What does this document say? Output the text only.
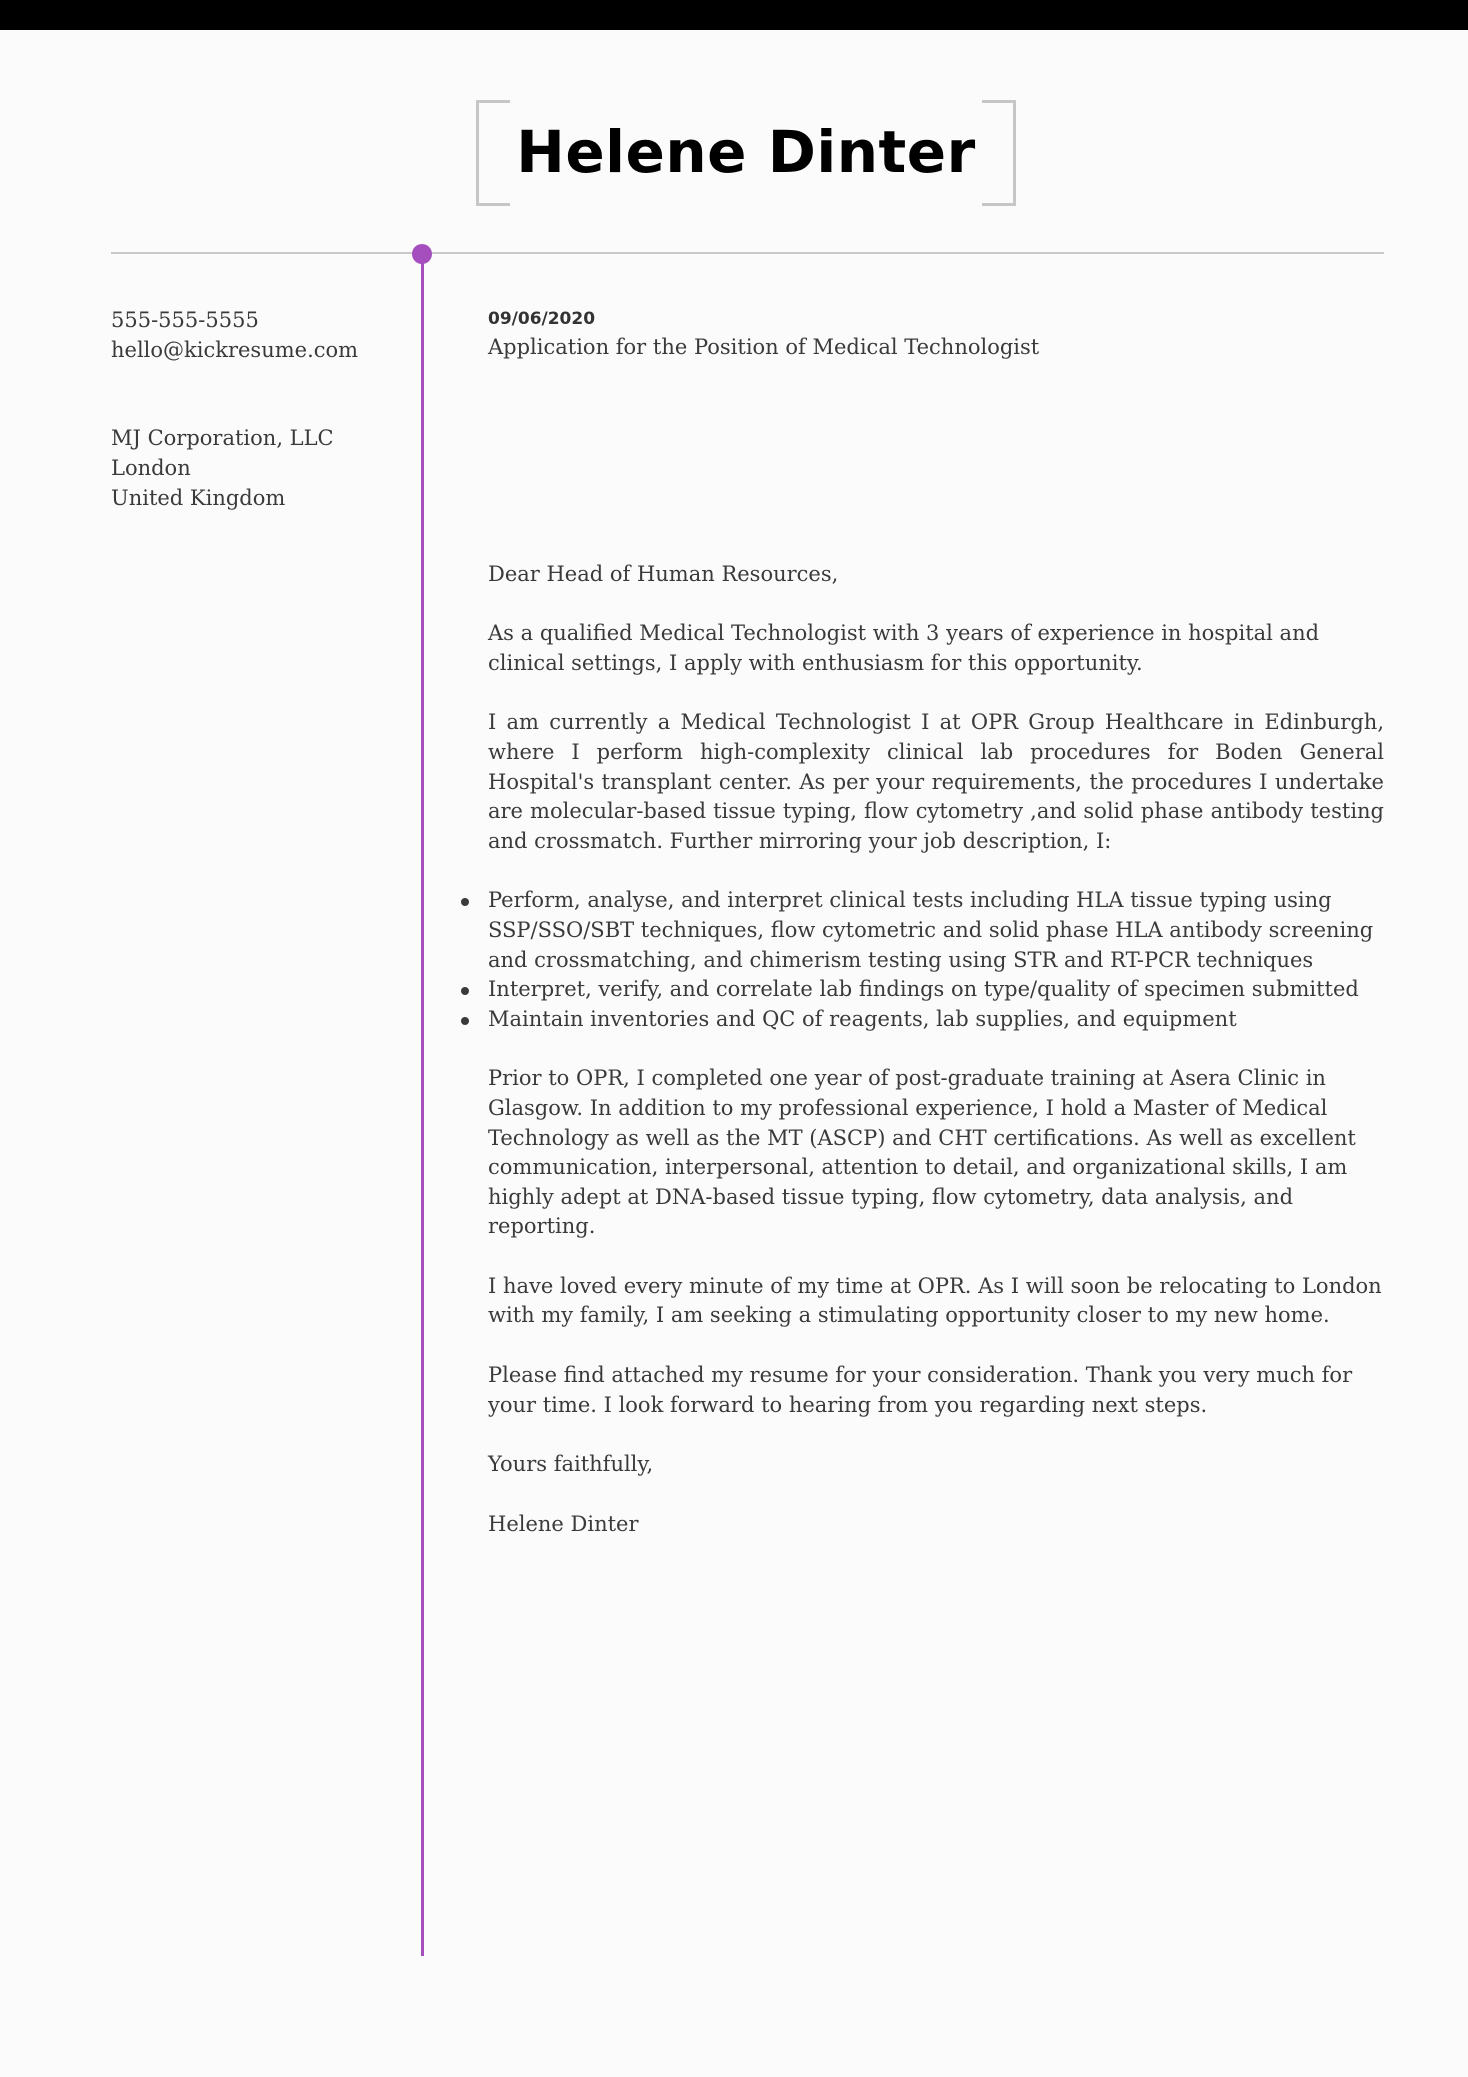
Helene Dinter
555-555-5555
hello@kickresume.com
MJ Corporation, LLC
London
United Kingdom
09/06/2020
Application for the Position of Medical Technologist
Dear Head of Human Resources,

As a qualified Medical Technologist with 3 years of experience in hospital and clinical settings, I apply with enthusiasm for this opportunity.

I am currently a Medical Technologist I at OPR Group Healthcare in Edinburgh, where I perform high-complexity clinical lab procedures for Boden General Hospital's transplant center. As per your requirements, the procedures I undertake are molecular-based tissue typing, flow cytometry ,and solid phase antibody testing and crossmatch. Further mirroring your job description, I:

Perform, analyse, and interpret clinical tests including HLA tissue typing using SSP/SSO/SBT techniques, flow cytometric and solid phase HLA antibody screening and crossmatching, and chimerism testing using STR and RT-PCR techniques
Interpret, verify, and correlate lab findings on type/quality of specimen submitted
Maintain inventories and QC of reagents, lab supplies, and equipment

Prior to OPR, I completed one year of post-graduate training at Asera Clinic in Glasgow. In addition to my professional experience, I hold a Master of Medical Technology as well as the MT (ASCP) and CHT certifications. As well as excellent communication, interpersonal, attention to detail, and organizational skills, I am highly adept at DNA-based tissue typing, flow cytometry, data analysis, and reporting.

I have loved every minute of my time at OPR. As I will soon be relocating to London with my family, I am seeking a stimulating opportunity closer to my new home.

Please find attached my resume for your consideration. Thank you very much for your time. I look forward to hearing from you regarding next steps.

Yours faithfully,

Helene Dinter
